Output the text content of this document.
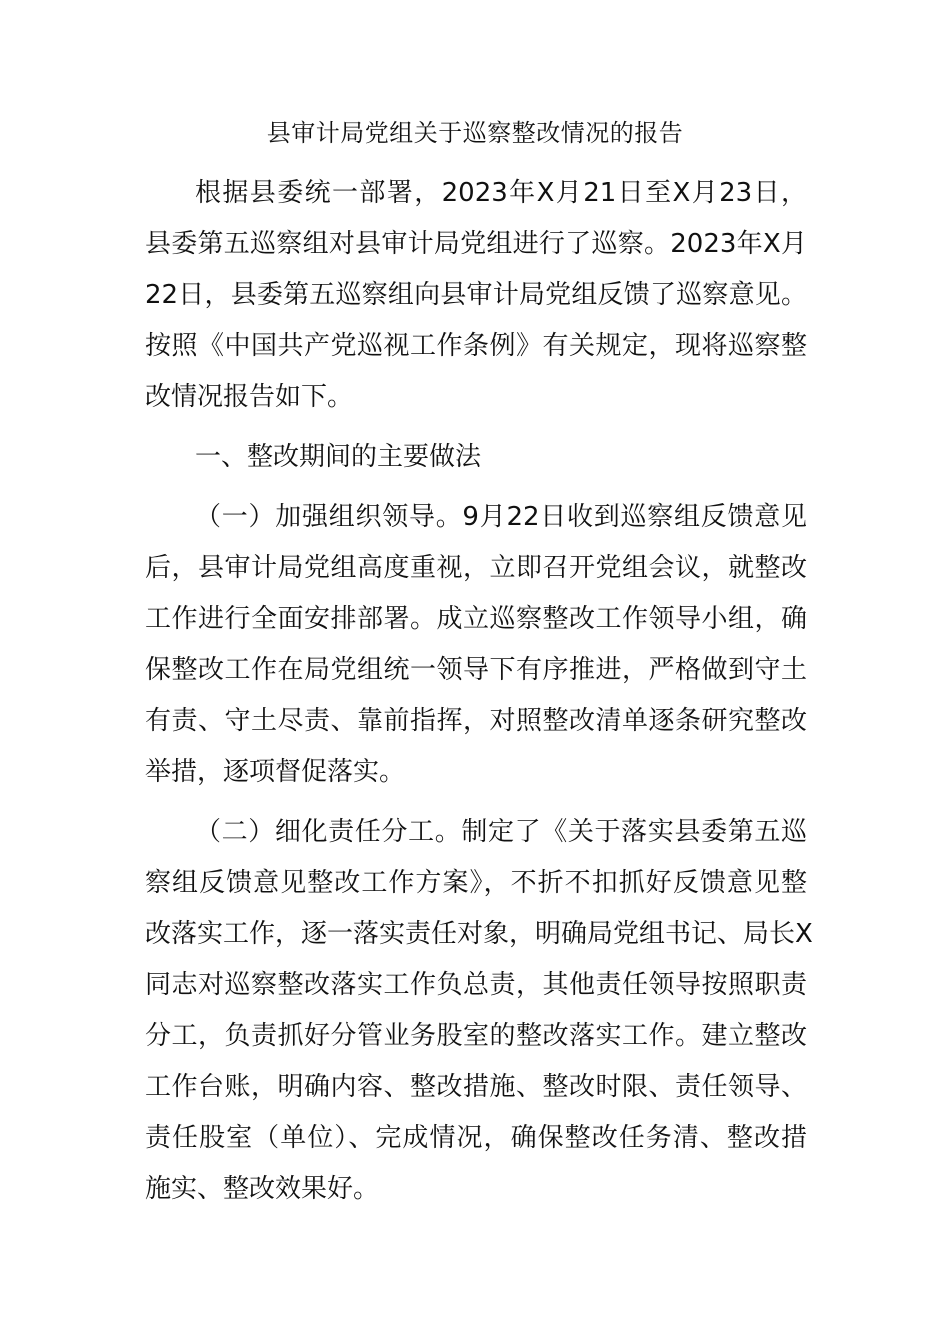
县审计局党组关于巡察整改情况的报告

根据县委统一部署，2023年X月21日至X月23日，

县委第五巡察组对县审计局党组进行了巡察。2023年X月

22日，县委第五巡察组向县审计局党组反馈了巡察意见。

按照《中国共产党巡视工作条例》有关规定，现将巡察整

改情况报告如下。

一、整改期间的主要做法

（一）加强组织领导。9月22日收到巡察组反馈意见

后，县审计局党组高度重视，立即召开党组会议，就整改

工作进行全面安排部署。成立巡察整改工作领导小组，确

保整改工作在局党组统一领导下有序推进，严格做到守土

有责、守土尽责、靠前指挥，对照整改清单逐条研究整改

举措，逐项督促落实。

（二）细化责任分工。制定了《关于落实县委第五巡

察组反馈意见整改工作方案》，不折不扣抓好反馈意见整

改落实工作，逐一落实责任对象，明确局党组书记、局长X

同志对巡察整改落实工作负总责，其他责任领导按照职责

分工，负责抓好分管业务股室的整改落实工作。建立整改

工作台账，明确内容、整改措施、整改时限、责任领导、

责任股室（单位）、完成情况，确保整改任务清、整改措

施实、整改效果好。
